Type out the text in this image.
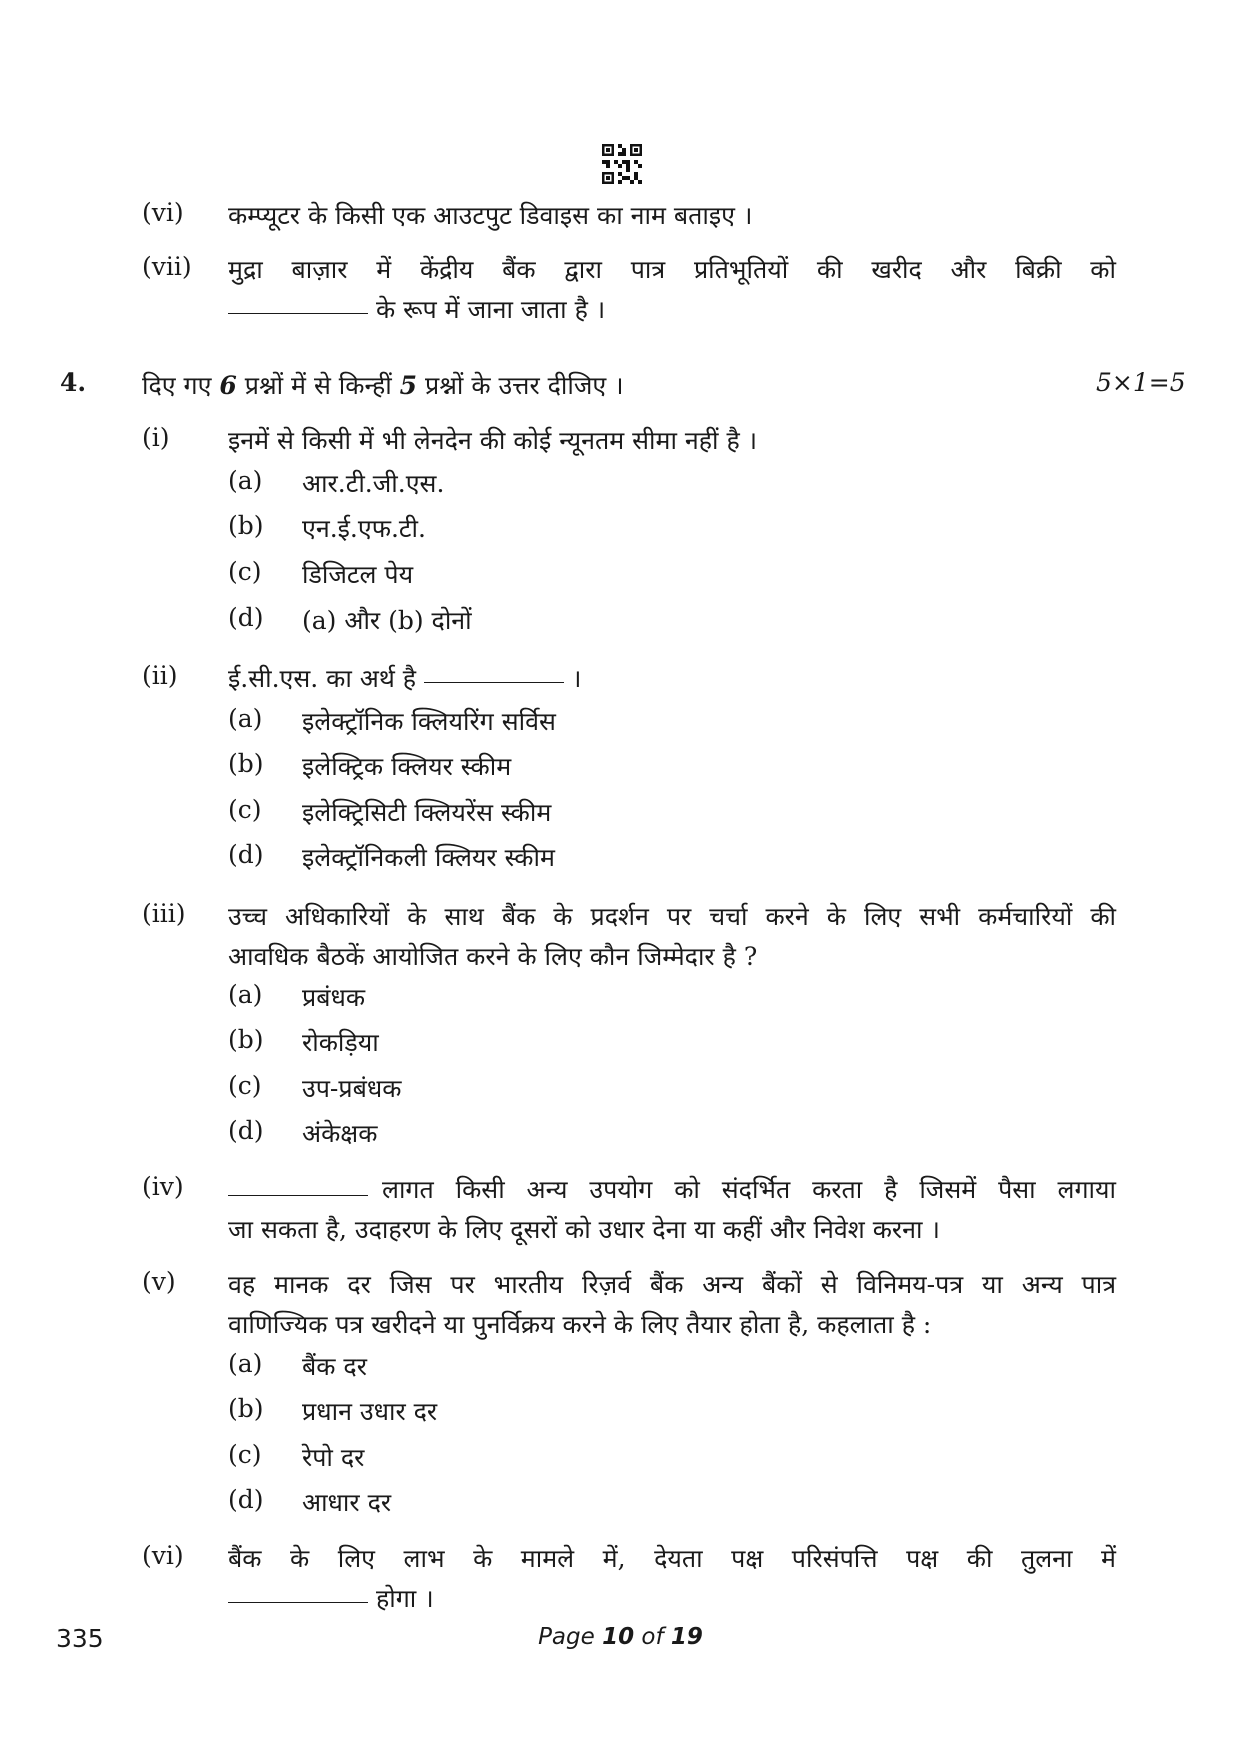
(vi) कम्प्यूटर के किसी एक आउटपुट डिवाइस का नाम बताइए ।
(vii) मुद्रा बाज़ार में केंद्रीय बैंक द्वारा पात्र प्रतिभूतियों की खरीद और बिक्री को
के रूप में जाना जाता है ।
4. दिए गए 6 प्रश्नों में से किन्हीं 5 प्रश्नों के उत्तर दीजिए ।	5×1=5
(i) इनमें से किसी में भी लेनदेन की कोई न्यूनतम सीमा नहीं है ।
(a) आर.टी.जी.एस.
(b) एन.ई.एफ.टी.
(c) डिजिटल पेय
(d) (a) और (b) दोनों
(ii) ई.सी.एस. का अर्थ है	।
(a) इलेक्ट्रॉनिक क्लियरिंग सर्विस
(b) इलेक्ट्रिक क्लियर स्कीम
(c) इलेक्ट्रिसिटी क्लियरेंस स्कीम
(d) इलेक्ट्रॉनिकली क्लियर स्कीम
(iii) उच्च अधिकारियों के साथ बैंक के प्रदर्शन पर चर्चा करने के लिए सभी कर्मचारियों की
आवधिक बैठकें आयोजित करने के लिए कौन जिम्मेदार है ?
(a) प्रबंधक
(b) रोकड़िया
(c) उप-प्रबंधक
(d) अंकेक्षक
(iv)	लागत किसी अन्य उपयोग को संदर्भित करता है जिसमें पैसा लगाया
जा सकता है, उदाहरण के लिए दूसरों को उधार देना या कहीं और निवेश करना ।
(v) वह मानक दर जिस पर भारतीय रिज़र्व बैंक अन्य बैंकों से विनिमय-पत्र या अन्य पात्र
वाणिज्यिक पत्र खरीदने या पुनर्विक्रय करने के लिए तैयार होता है, कहलाता है :
(a) बैंक दर
(b) प्रधान उधार दर
(c) रेपो दर
(d) आधार दर
(vi) बैंक के लिए लाभ के मामले में, देयता पक्ष परिसंपत्ति पक्ष की तुलना में
होगा ।
335	Page 10 of 19
